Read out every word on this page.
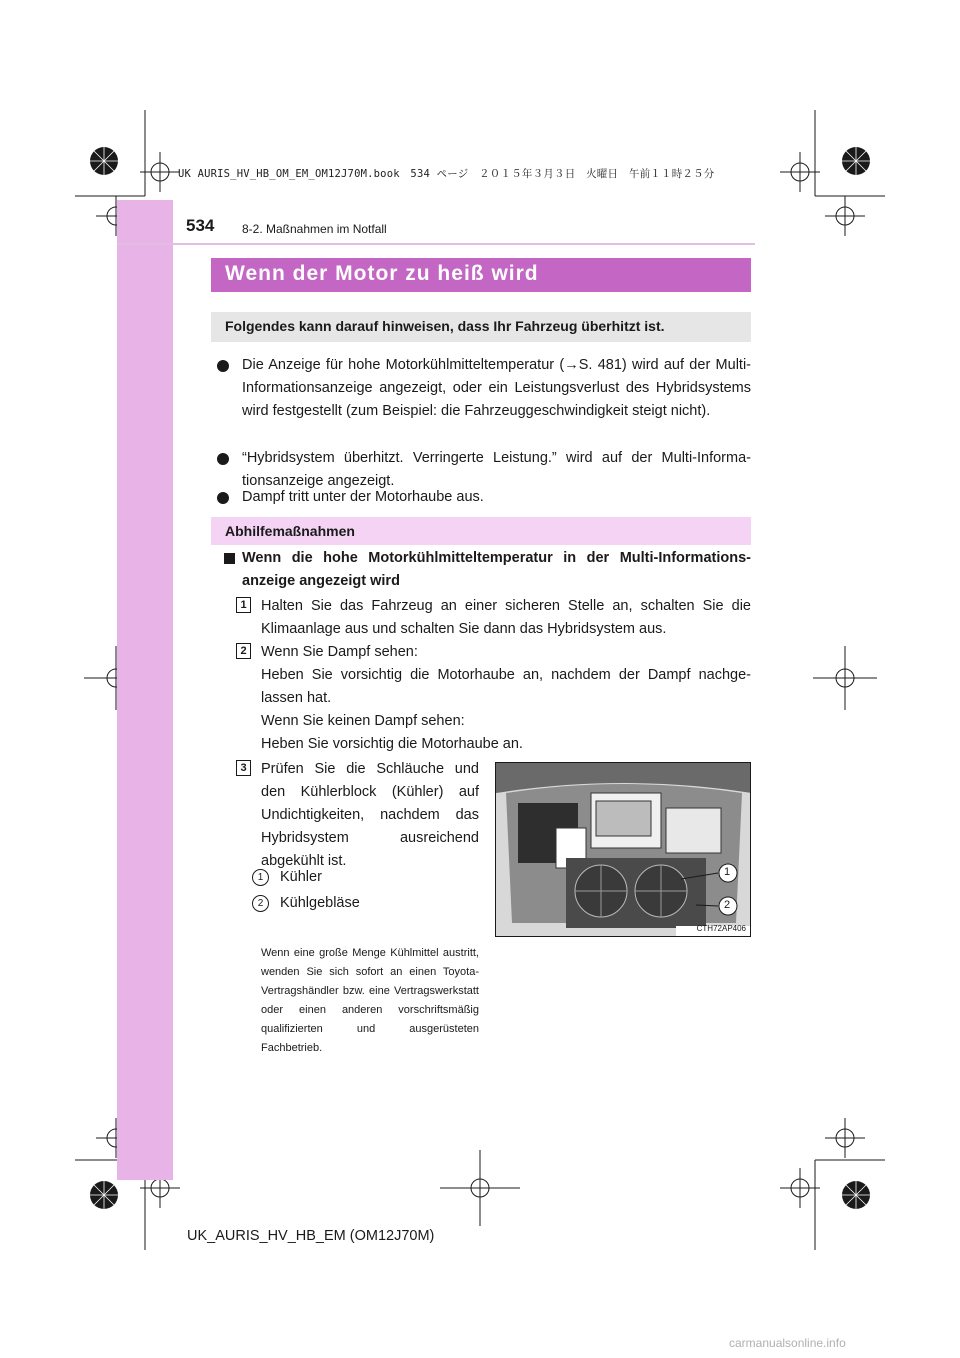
UK AURIS_HV_HB_OM_EM_OM12J70M.book　534 ページ　２０１５年３月３日　火曜日　午前１１時２５分
534 8-2. Maßnahmen im Notfall
Wenn der Motor zu heiß wird
Folgendes kann darauf hinweisen, dass Ihr Fahrzeug überhitzt ist.
Die Anzeige für hohe Motorkühlmitteltemperatur (→S. 481) wird auf der Multi-Informationsanzeige angezeigt, oder ein Leistungsverlust des Hybridsystems wird festgestellt (zum Beispiel: die Fahrzeuggeschwindigkeit steigt nicht).
“Hybridsystem überhitzt. Verringerte Leistung.” wird auf der Multi-Informationsanzeige angezeigt.
Dampf tritt unter der Motorhaube aus.
Abhilfemaßnahmen
Wenn die hohe Motorkühlmitteltemperatur in der Multi-Informationsanzeige angezeigt wird
1 Halten Sie das Fahrzeug an einer sicheren Stelle an, schalten Sie die Klimaanlage aus und schalten Sie dann das Hybridsystem aus.
2 Wenn Sie Dampf sehen:
Heben Sie vorsichtig die Motorhaube an, nachdem der Dampf nachgelassen hat.
Wenn Sie keinen Dampf sehen:
Heben Sie vorsichtig die Motorhaube an.
3 Prüfen Sie die Schläuche und den Kühlerblock (Kühler) auf Undichtigkeiten, nachdem das Hybridsystem ausreichend abgekühlt ist.
1	Kühler
2	Kühlgebläse
Wenn eine große Menge Kühlmittel austritt, wenden Sie sich sofort an einen Toyota-Vertragshändler bzw. eine Vertragswerkstatt oder einen anderen vorschriftsmäßig qualifizierten und ausgerüsteten Fachbetrieb.
1
2
CTH72AP406
UK_AURIS_HV_HB_EM (OM12J70M)
carmanualsonline.info
